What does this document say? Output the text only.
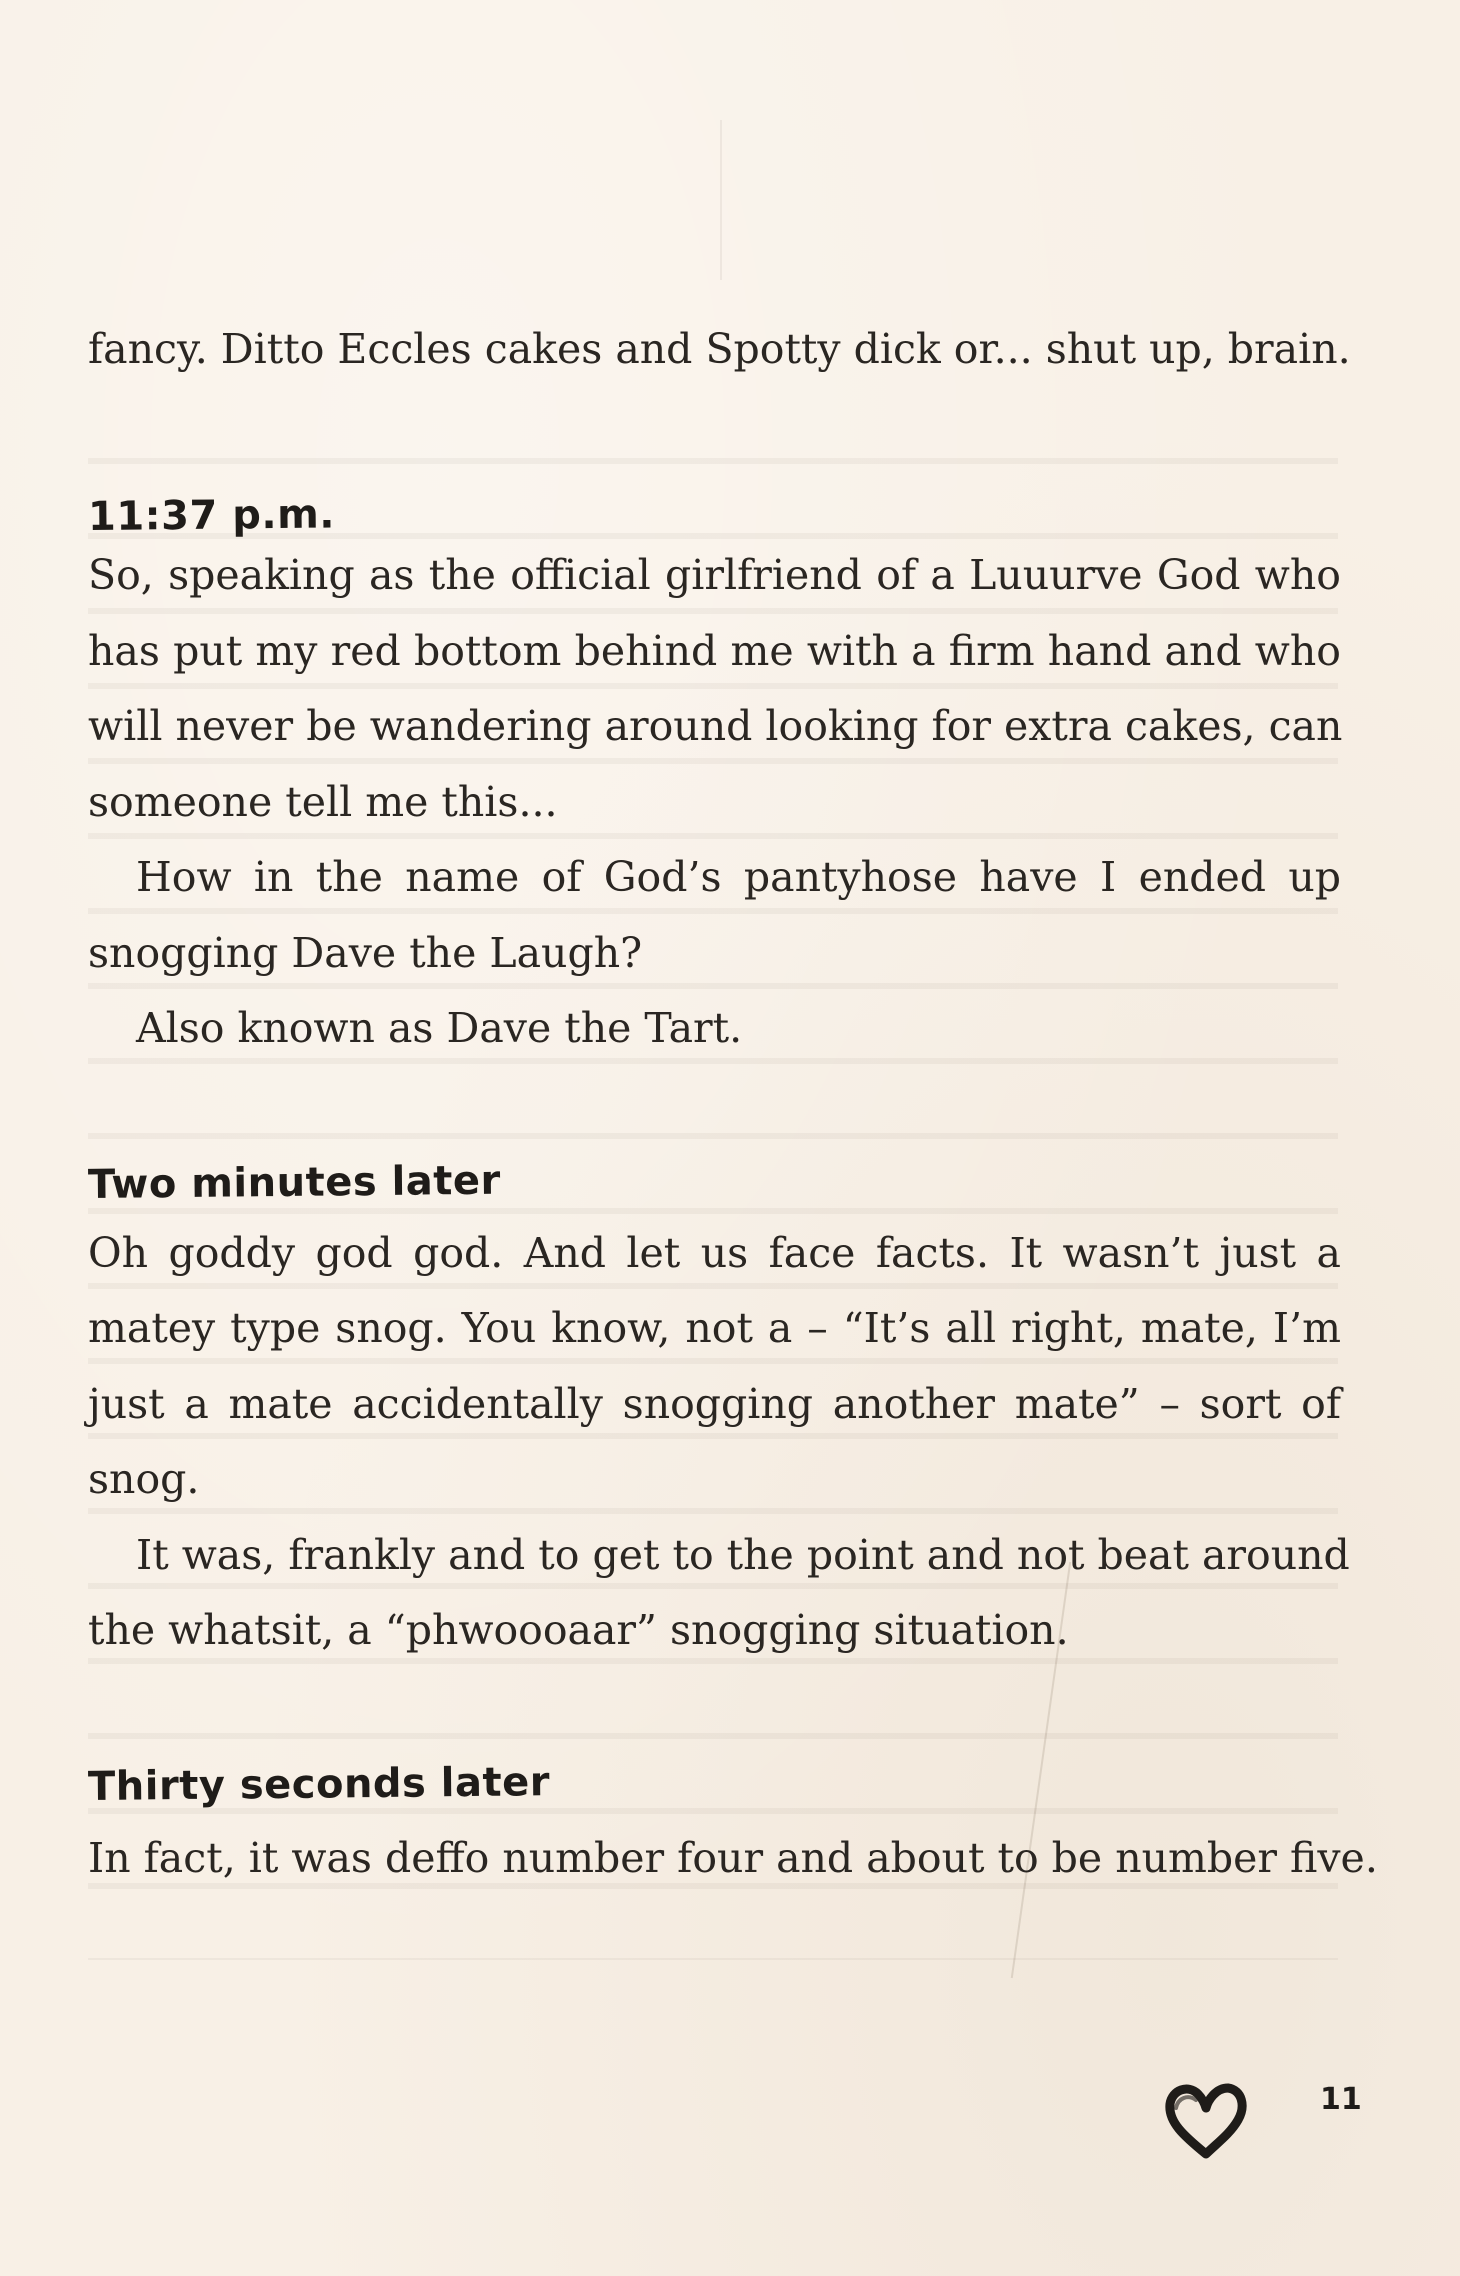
fancy. Ditto Eccles cakes and Spotty dick or... shut up, brain.
11:37 p.m.
So, speaking as the official girlfriend of a Luuurve God who
has put my red bottom behind me with a firm hand and who
will never be wandering around looking for extra cakes, can
someone tell me this...
How in the name of God’s pantyhose have I ended up
snogging Dave the Laugh?
Also known as Dave the Tart.
Two minutes later
Oh goddy god god. And let us face facts. It wasn’t just a
matey type snog. You know, not a – “It’s all right, mate, I’m
just a mate accidentally snogging another mate” – sort of
snog.
It was, frankly and to get to the point and not beat around
the whatsit, a “phwoooaar” snogging situation.
Thirty seconds later
In fact, it was deffo number four and about to be number five.
11
